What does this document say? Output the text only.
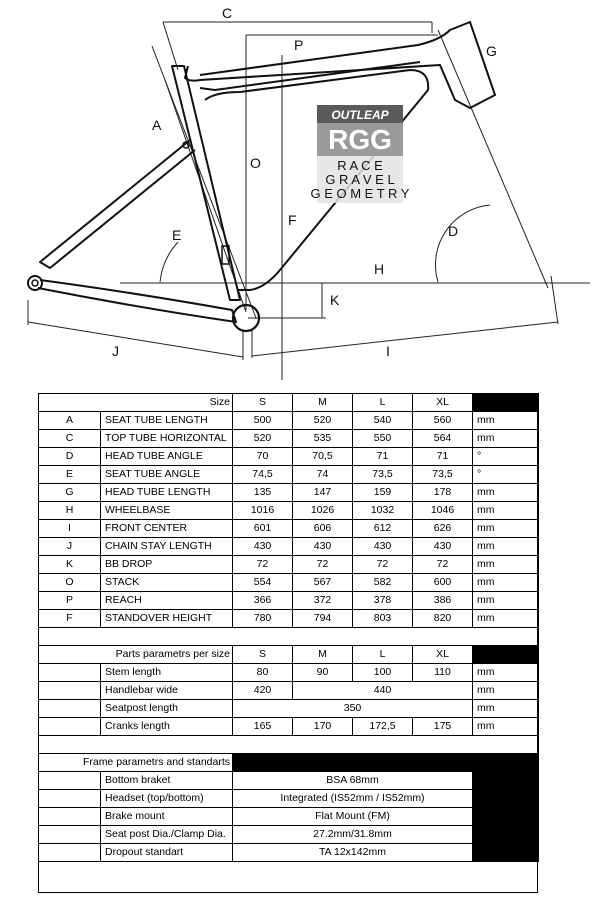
C
P	G
A
O
F
E	D
H
K
J	I
OUTLEAP
RGG
R A C E
G R A V E L
G E O M E T R Y
Size		S	M	L	XL	
A	SEAT TUBE LENGTH	500	520	540	560	mm
C	TOP TUBE HORIZONTAL	520	535	550	564	mm
D	HEAD TUBE ANGLE	70	70,5	71	71	°
E	SEAT TUBE ANGLE	74,5	74	73,5	73,5	°
G	HEAD TUBE LENGTH	135	147	159	178	mm
H	WHEELBASE	1016	1026	1032	1046	mm
I	FRONT CENTER	601	606	612	626	mm
J	CHAIN STAY LENGTH	430	430	430	430	mm
K	BB DROP	72	72	72	72	mm
O	STACK	554	567	582	600	mm
P	REACH	366	372	378	386	mm
F	STANDOVER HEIGHT	780	794	803	820	mm

Parts parametrs per size		S	M	L	XL	
	Stem length	80	90	100	110	mm
	Handlebar wide	420	440			mm
	Seatpost length	350				mm
	Cranks length	165	170	172,5	175	mm

Frame parametrs and standarts						
	Bottom braket	BSA 68mm				
	Headset (top/bottom)	Integrated (IS52mm / IS52mm)				
	Brake mount	Flat Mount (FM)				
	Seat post Dia./Clamp Dia.	27.2mm/31.8mm				
	Dropout standart	TA 12x142mm				
